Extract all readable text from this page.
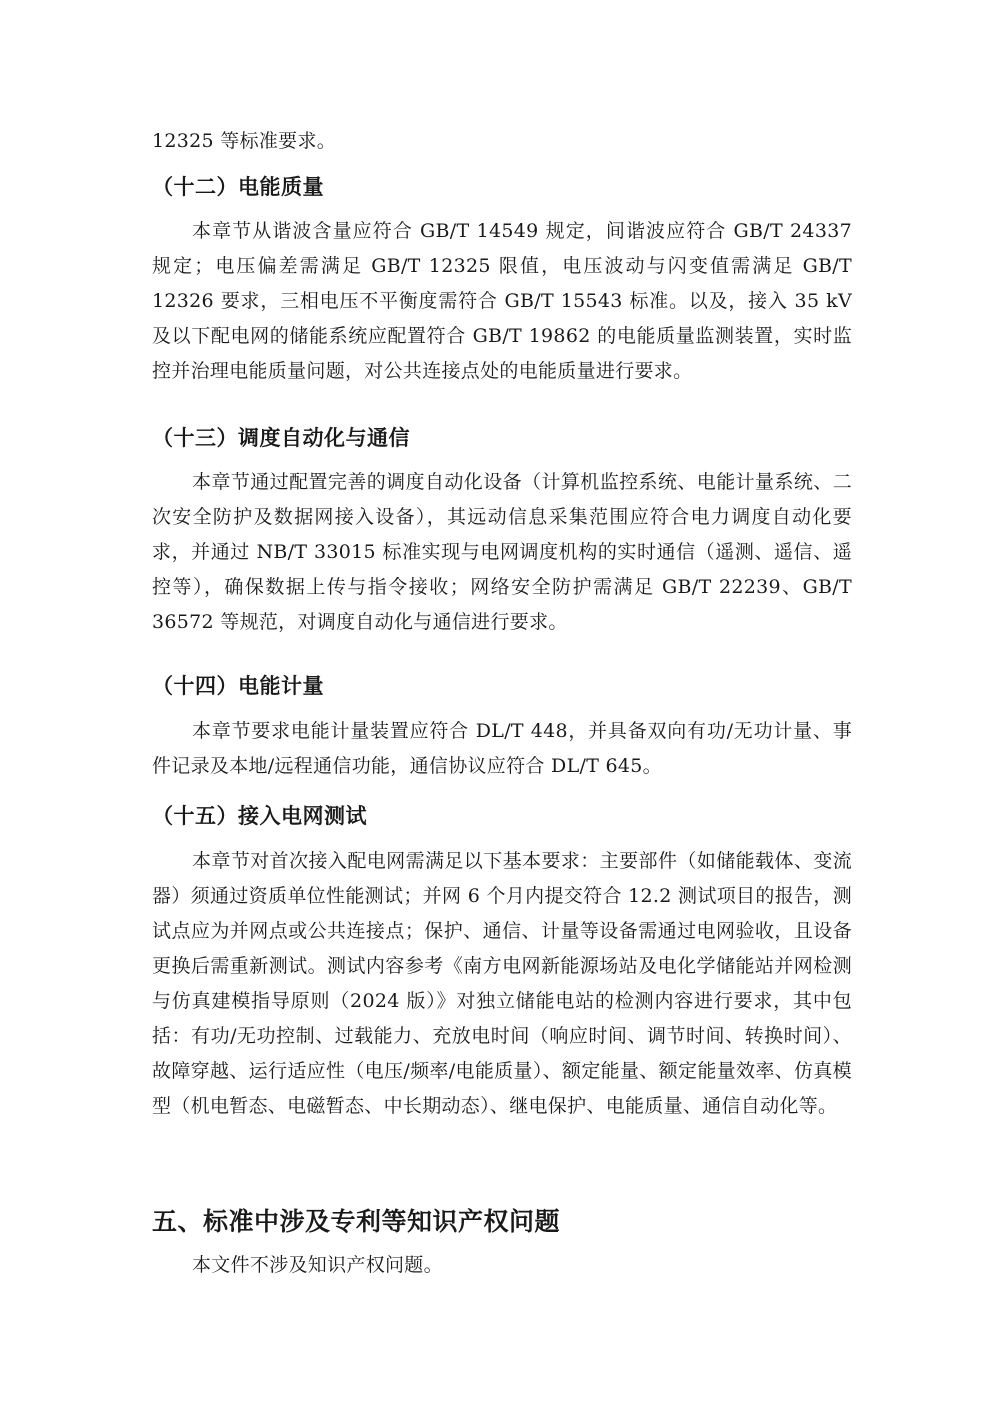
12325 等标准要求。

（十二）电能质量

本章节从谐波含量应符合 GB/T 14549 规定，间谐波应符合 GB/T 24337 规定；电压偏差需满足 GB/T 12325 限值，电压波动与闪变值需满足 GB/T 12326 要求，三相电压不平衡度需符合 GB/T 15543 标准。以及，接入 35 kV 及以下配电网的储能系统应配置符合 GB/T 19862 的电能质量监测装置，实时监控并治理电能质量问题，对公共连接点处的电能质量进行要求。

（十三）调度自动化与通信

本章节通过配置完善的调度自动化设备（计算机监控系统、电能计量系统、二次安全防护及数据网接入设备），其远动信息采集范围应符合电力调度自动化要求，并通过 NB/T 33015 标准实现与电网调度机构的实时通信（遥测、遥信、遥控等），确保数据上传与指令接收；网络安全防护需满足 GB/T 22239、GB/T 36572 等规范，对调度自动化与通信进行要求。

（十四）电能计量

本章节要求电能计量装置应符合 DL/T 448，并具备双向有功/无功计量、事件记录及本地/远程通信功能，通信协议应符合 DL/T 645。

（十五）接入电网测试

本章节对首次接入配电网需满足以下基本要求：主要部件（如储能载体、变流器）须通过资质单位性能测试；并网 6 个月内提交符合 12.2 测试项目的报告，测试点应为并网点或公共连接点；保护、通信、计量等设备需通过电网验收，且设备更换后需重新测试。测试内容参考《南方电网新能源场站及电化学储能站并网检测与仿真建模指导原则（2024 版）》对独立储能电站的检测内容进行要求，其中包括：有功/无功控制、过载能力、充放电时间（响应时间、调节时间、转换时间）、故障穿越、运行适应性（电压/频率/电能质量）、额定能量、额定能量效率、仿真模型（机电暂态、电磁暂态、中长期动态）、继电保护、电能质量、通信自动化等。

五、标准中涉及专利等知识产权问题

本文件不涉及知识产权问题。
